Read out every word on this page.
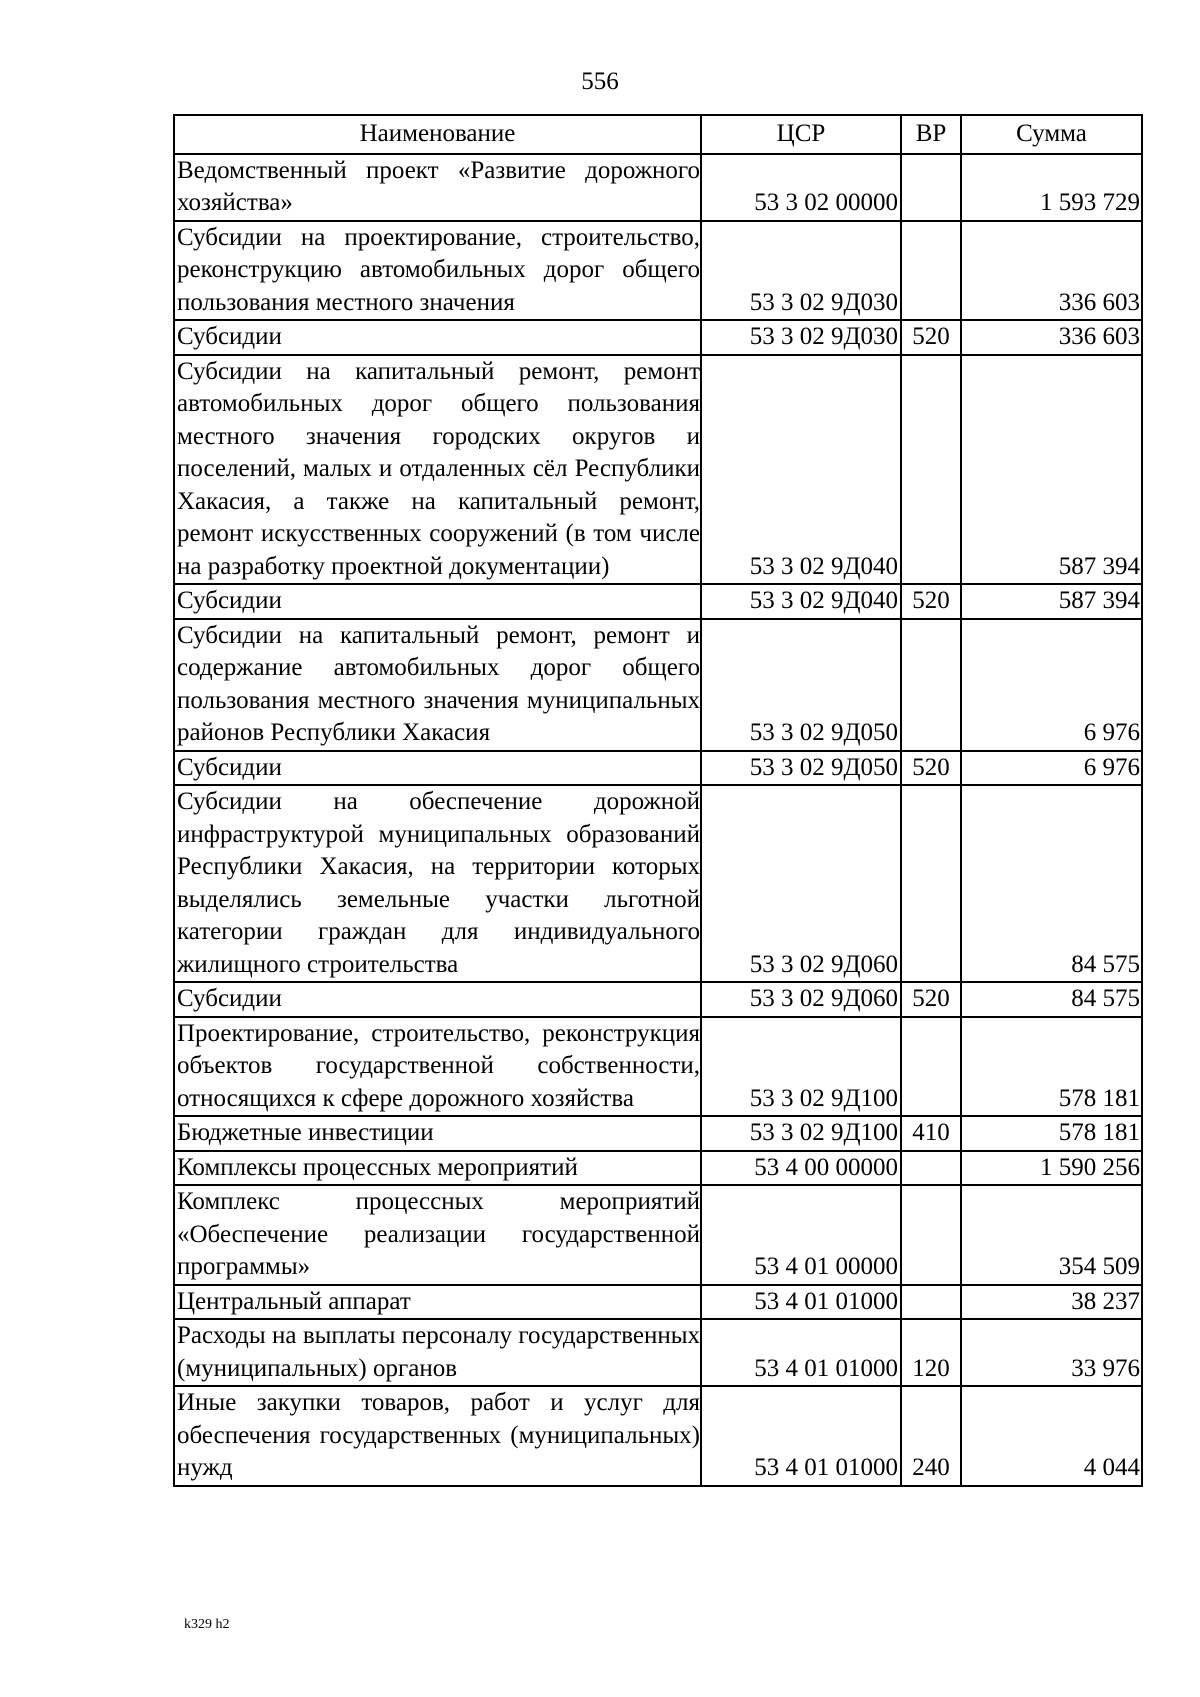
556
Наименование	ЦСР	ВР	Сумма
Ведомственный проект «Развитие дорожного хозяйства»	53 3 02 00000		1 593 729
Субсидии на проектирование, строительство, реконструкцию автомобильных дорог общего пользования местного значения	53 3 02 9Д030		336 603
Субсидии	53 3 02 9Д030	520	336 603
Субсидии на капитальный ремонт, ремонт автомобильных дорог общего пользования местного значения городских округов и поселений, малых и отдаленных сёл Республики Хакасия, а также на капитальный ремонт, ремонт искусственных сооружений (в том числе на разработку проектной документации)	53 3 02 9Д040		587 394
Субсидии	53 3 02 9Д040	520	587 394
Субсидии на капитальный ремонт, ремонт и содержание автомобильных дорог общего пользования местного значения муниципальных районов Республики Хакасия	53 3 02 9Д050		6 976
Субсидии	53 3 02 9Д050	520	6 976
Субсидии на обеспечение дорожной инфраструктурой муниципальных образований Республики Хакасия, на территории которых выделялись земельные участки льготной категории граждан для индивидуального жилищного строительства	53 3 02 9Д060		84 575
Субсидии	53 3 02 9Д060	520	84 575
Проектирование, строительство, реконструкция объектов государственной собственности, относящихся к сфере дорожного хозяйства	53 3 02 9Д100		578 181
Бюджетные инвестиции	53 3 02 9Д100	410	578 181
Комплексы процессных мероприятий	53 4 00 00000		1 590 256
Комплекс процессных мероприятий «Обеспечение реализации государственной программы»	53 4 01 00000		354 509
Центральный аппарат	53 4 01 01000		38 237
Расходы на выплаты персоналу государственных (муниципальных) органов	53 4 01 01000	120	33 976
Иные закупки товаров, работ и услуг для обеспечения государственных (муниципальных) нужд	53 4 01 01000	240	4 044
k329 h2
